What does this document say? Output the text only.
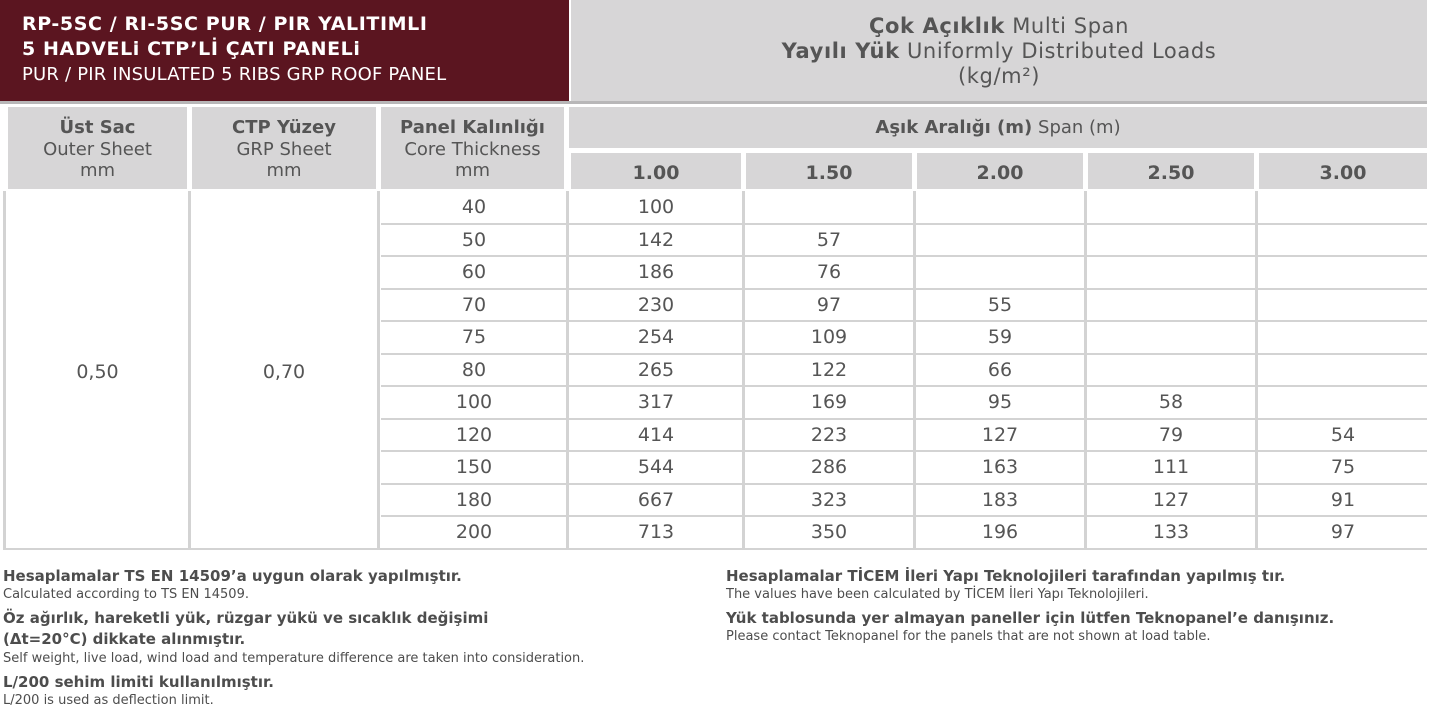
RP-5SC / RI-5SC PUR / PIR YALITIMLI
5 HADVELi CTP’Lİ ÇATI PANELi
PUR / PIR INSULATED 5 RIBS GRP ROOF PANEL
Çok Açıklık Multi Span
Yayılı Yük Uniformly Distributed Loads
(kg/m²)
Üst Sac
Outer Sheet
mm
CTP Yüzey
GRP Sheet
mm
Panel Kalınlığı
Core Thickness
mm
Aşık Aralığı (m) Span (m)
1.00	1.50	2.00	2.50	3.00
0,50	0,70
40	100
50	142	57
60	186	76
70	230	97	55
75	254	109	59
80	265	122	66
100	317	169	95	58
120	414	223	127	79	54
150	544	286	163	111	75
180	667	323	183	127	91
200	713	350	196	133	97
Hesaplamalar TS EN 14509’a uygun olarak yapılmıştır.
Calculated according to TS EN 14509.
Öz ağırlık, hareketli yük, rüzgar yükü ve sıcaklık değişimi
(Δt=20°C) dikkate alınmıştır.
Self weight, live load, wind load and temperature difference are taken into consideration.
L/200 sehim limiti kullanılmıştır.
L/200 is used as deflection limit.
Hesaplamalar TİCEM İleri Yapı Teknolojileri tarafından yapılmış tır.
The values have been calculated by TİCEM İleri Yapı Teknolojileri.
Yük tablosunda yer almayan paneller için lütfen Teknopanel’e danışınız.
Please contact Teknopanel for the panels that are not shown at load table.
